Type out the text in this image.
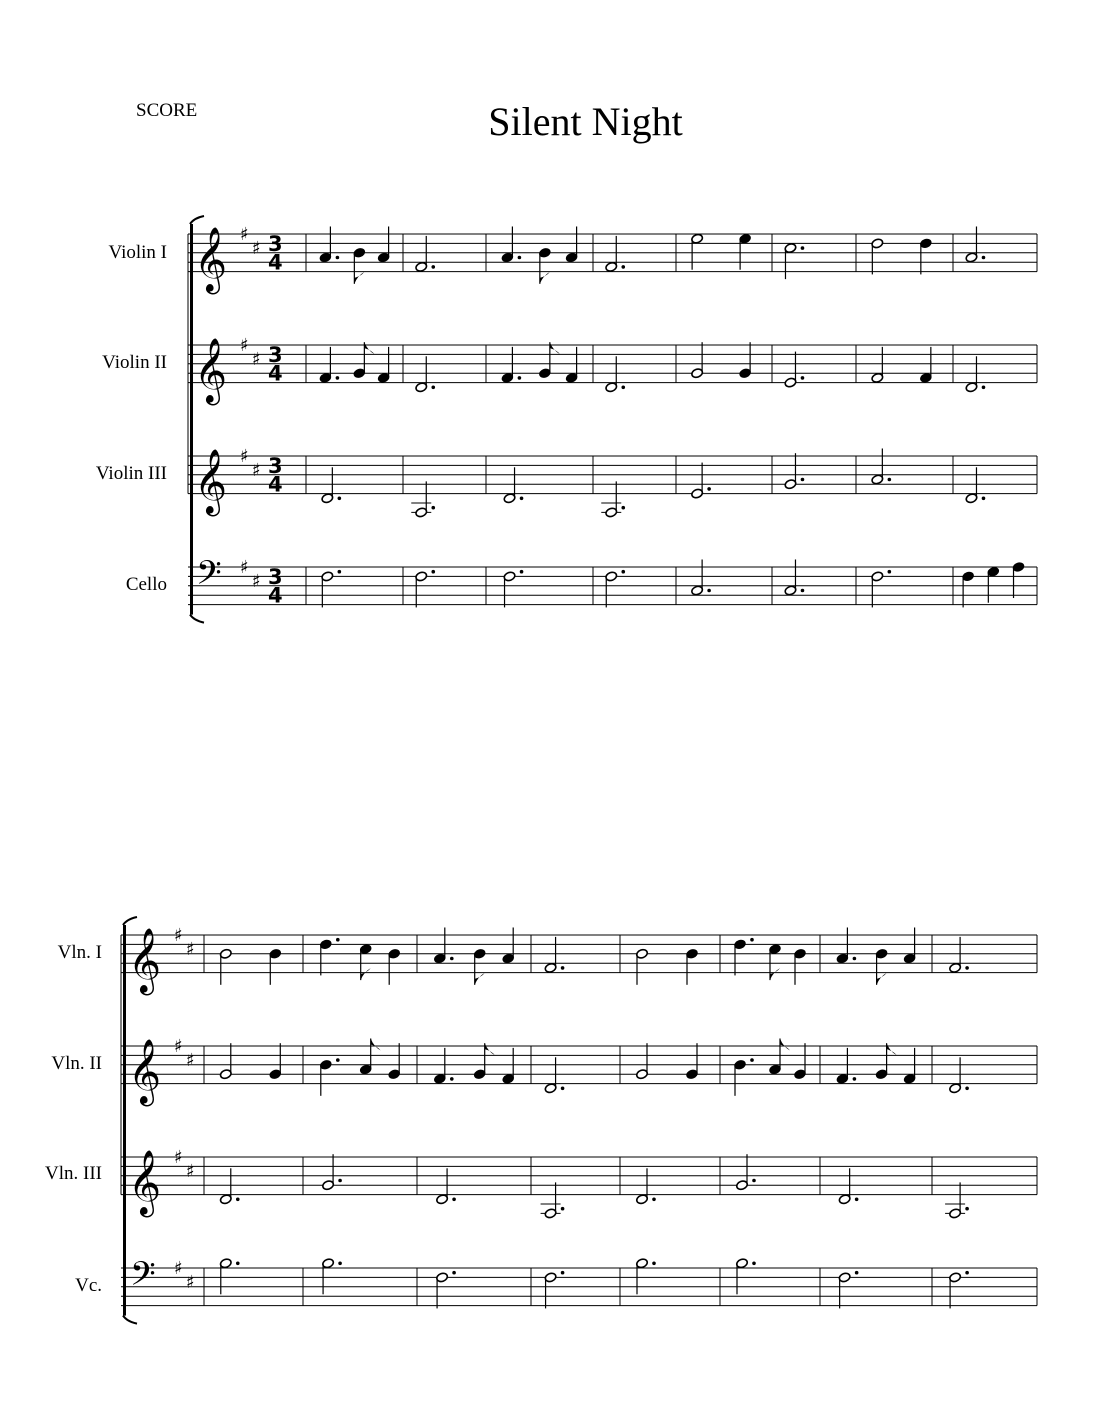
SCORE	Silent Night
Violin I
Violin II
Violin III
Cello
Vln. I
Vln. II
Vln. III
Vc.
𝄞 ♯
♯ 3
4
𝄞 ♯
♯ 3
4
𝄞 ♯
♯ 3
4
𝄢 ♯
♯ 3
4
𝄞 ♯
♯
𝄞 ♯
♯
𝄞 ♯
♯
𝄢 ♯
♯
